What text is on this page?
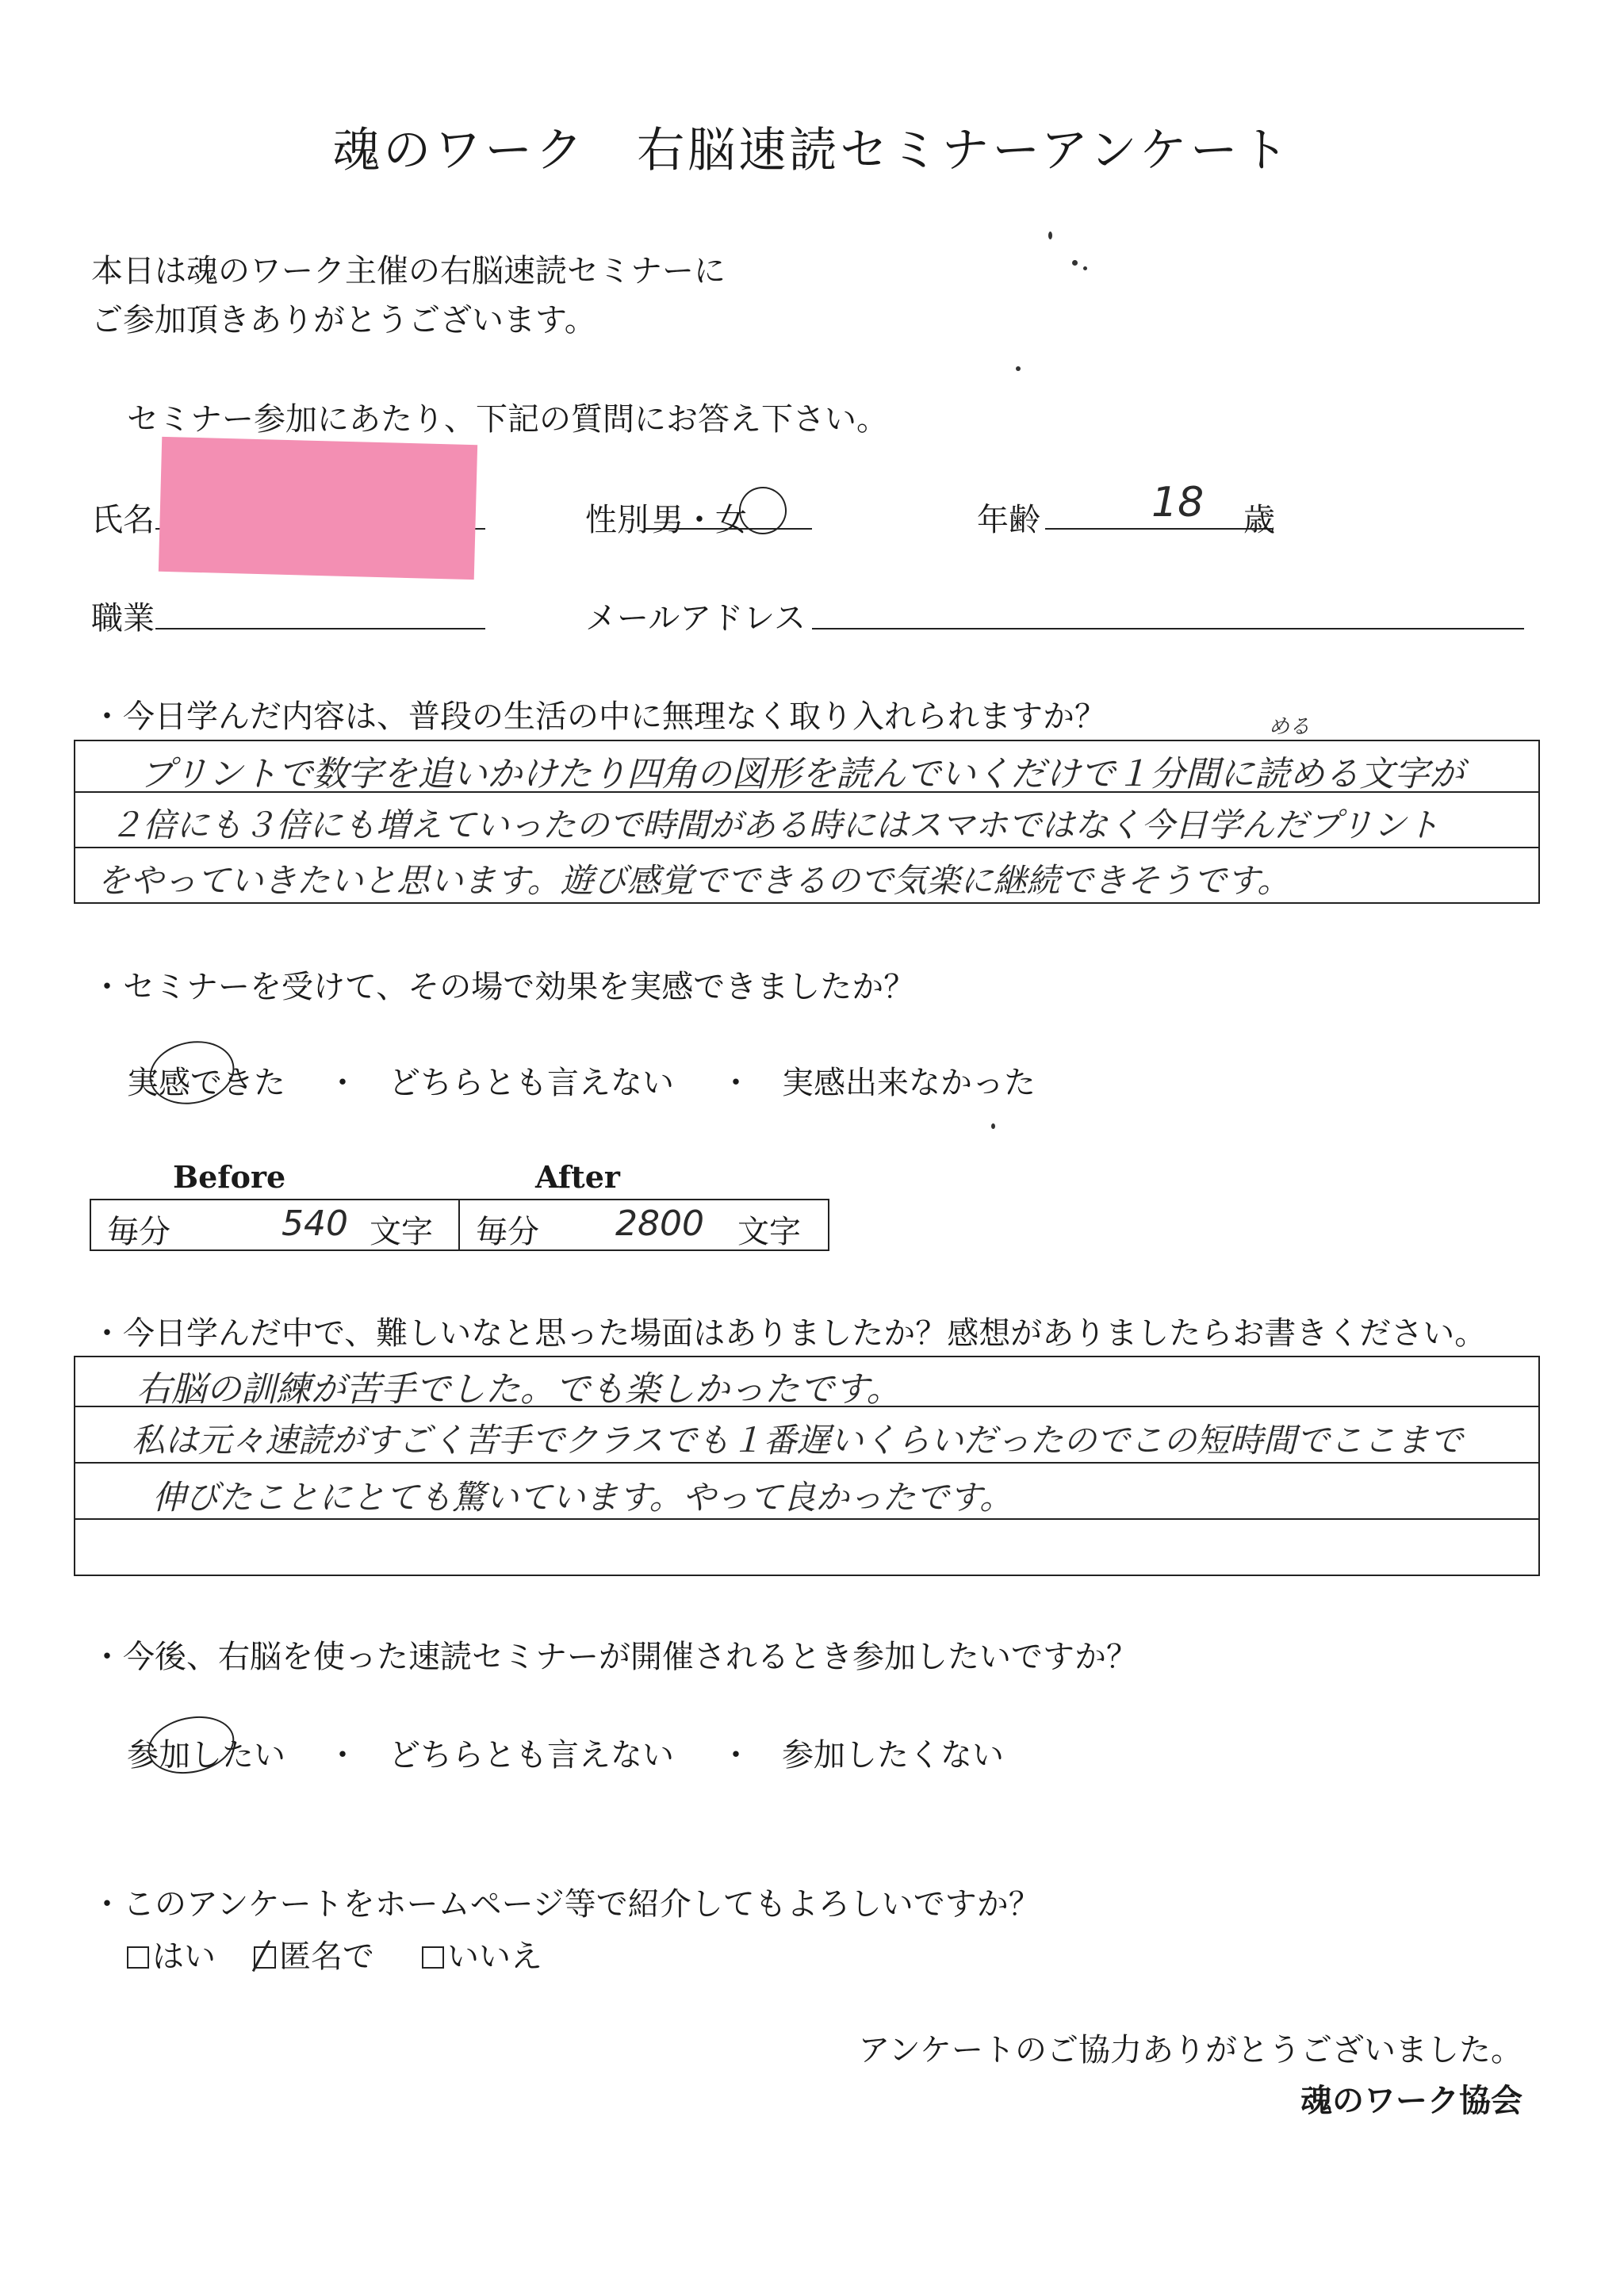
魂のワーク　右脳速読セミナーアンケート
本日は魂のワーク主催の右脳速読セミナーに
ご参加頂きありがとうございます。
セミナー参加にあたり、下記の質問にお答え下さい。
氏名	性別 男・女	年齢	18 歳
職業	メールアドレス
・今日学んだ内容は、普段の生活の中に無理なく取り入れられますか？	める
プリントで数字を追いかけたり四角の図形を読んでいくだけで１分間に読める文字が
２倍にも３倍にも増えていったので時間がある時にはスマホではなく今日学んだプリント
をやっていきたいと思います。遊び感覚でできるので気楽に継続できそうです。
・セミナーを受けて、その場で効果を実感できましたか？
実感できた ・ どちらとも言えない ・ 実感出来なかった
Before	After
毎分	540 文字 毎分 2800 文字
・今日学んだ中で、難しいなと思った場面はありましたか？感想がありましたらお書きください。
右脳の訓練が苦手でした。でも楽しかったです。
私は元々速読がすごく苦手でクラスでも１番遅いくらいだったのでこの短時間でここまで
伸びたことにとても驚いています。やって良かったです。
・今後、右脳を使った速読セミナーが開催されるとき参加したいですか？
参加したい ・ どちらとも言えない ・ 参加したくない
・このアンケートをホームページ等で紹介してもよろしいですか？
はい	匿名で	いいえ
アンケートのご協力ありがとうございました。
魂のワーク協会
